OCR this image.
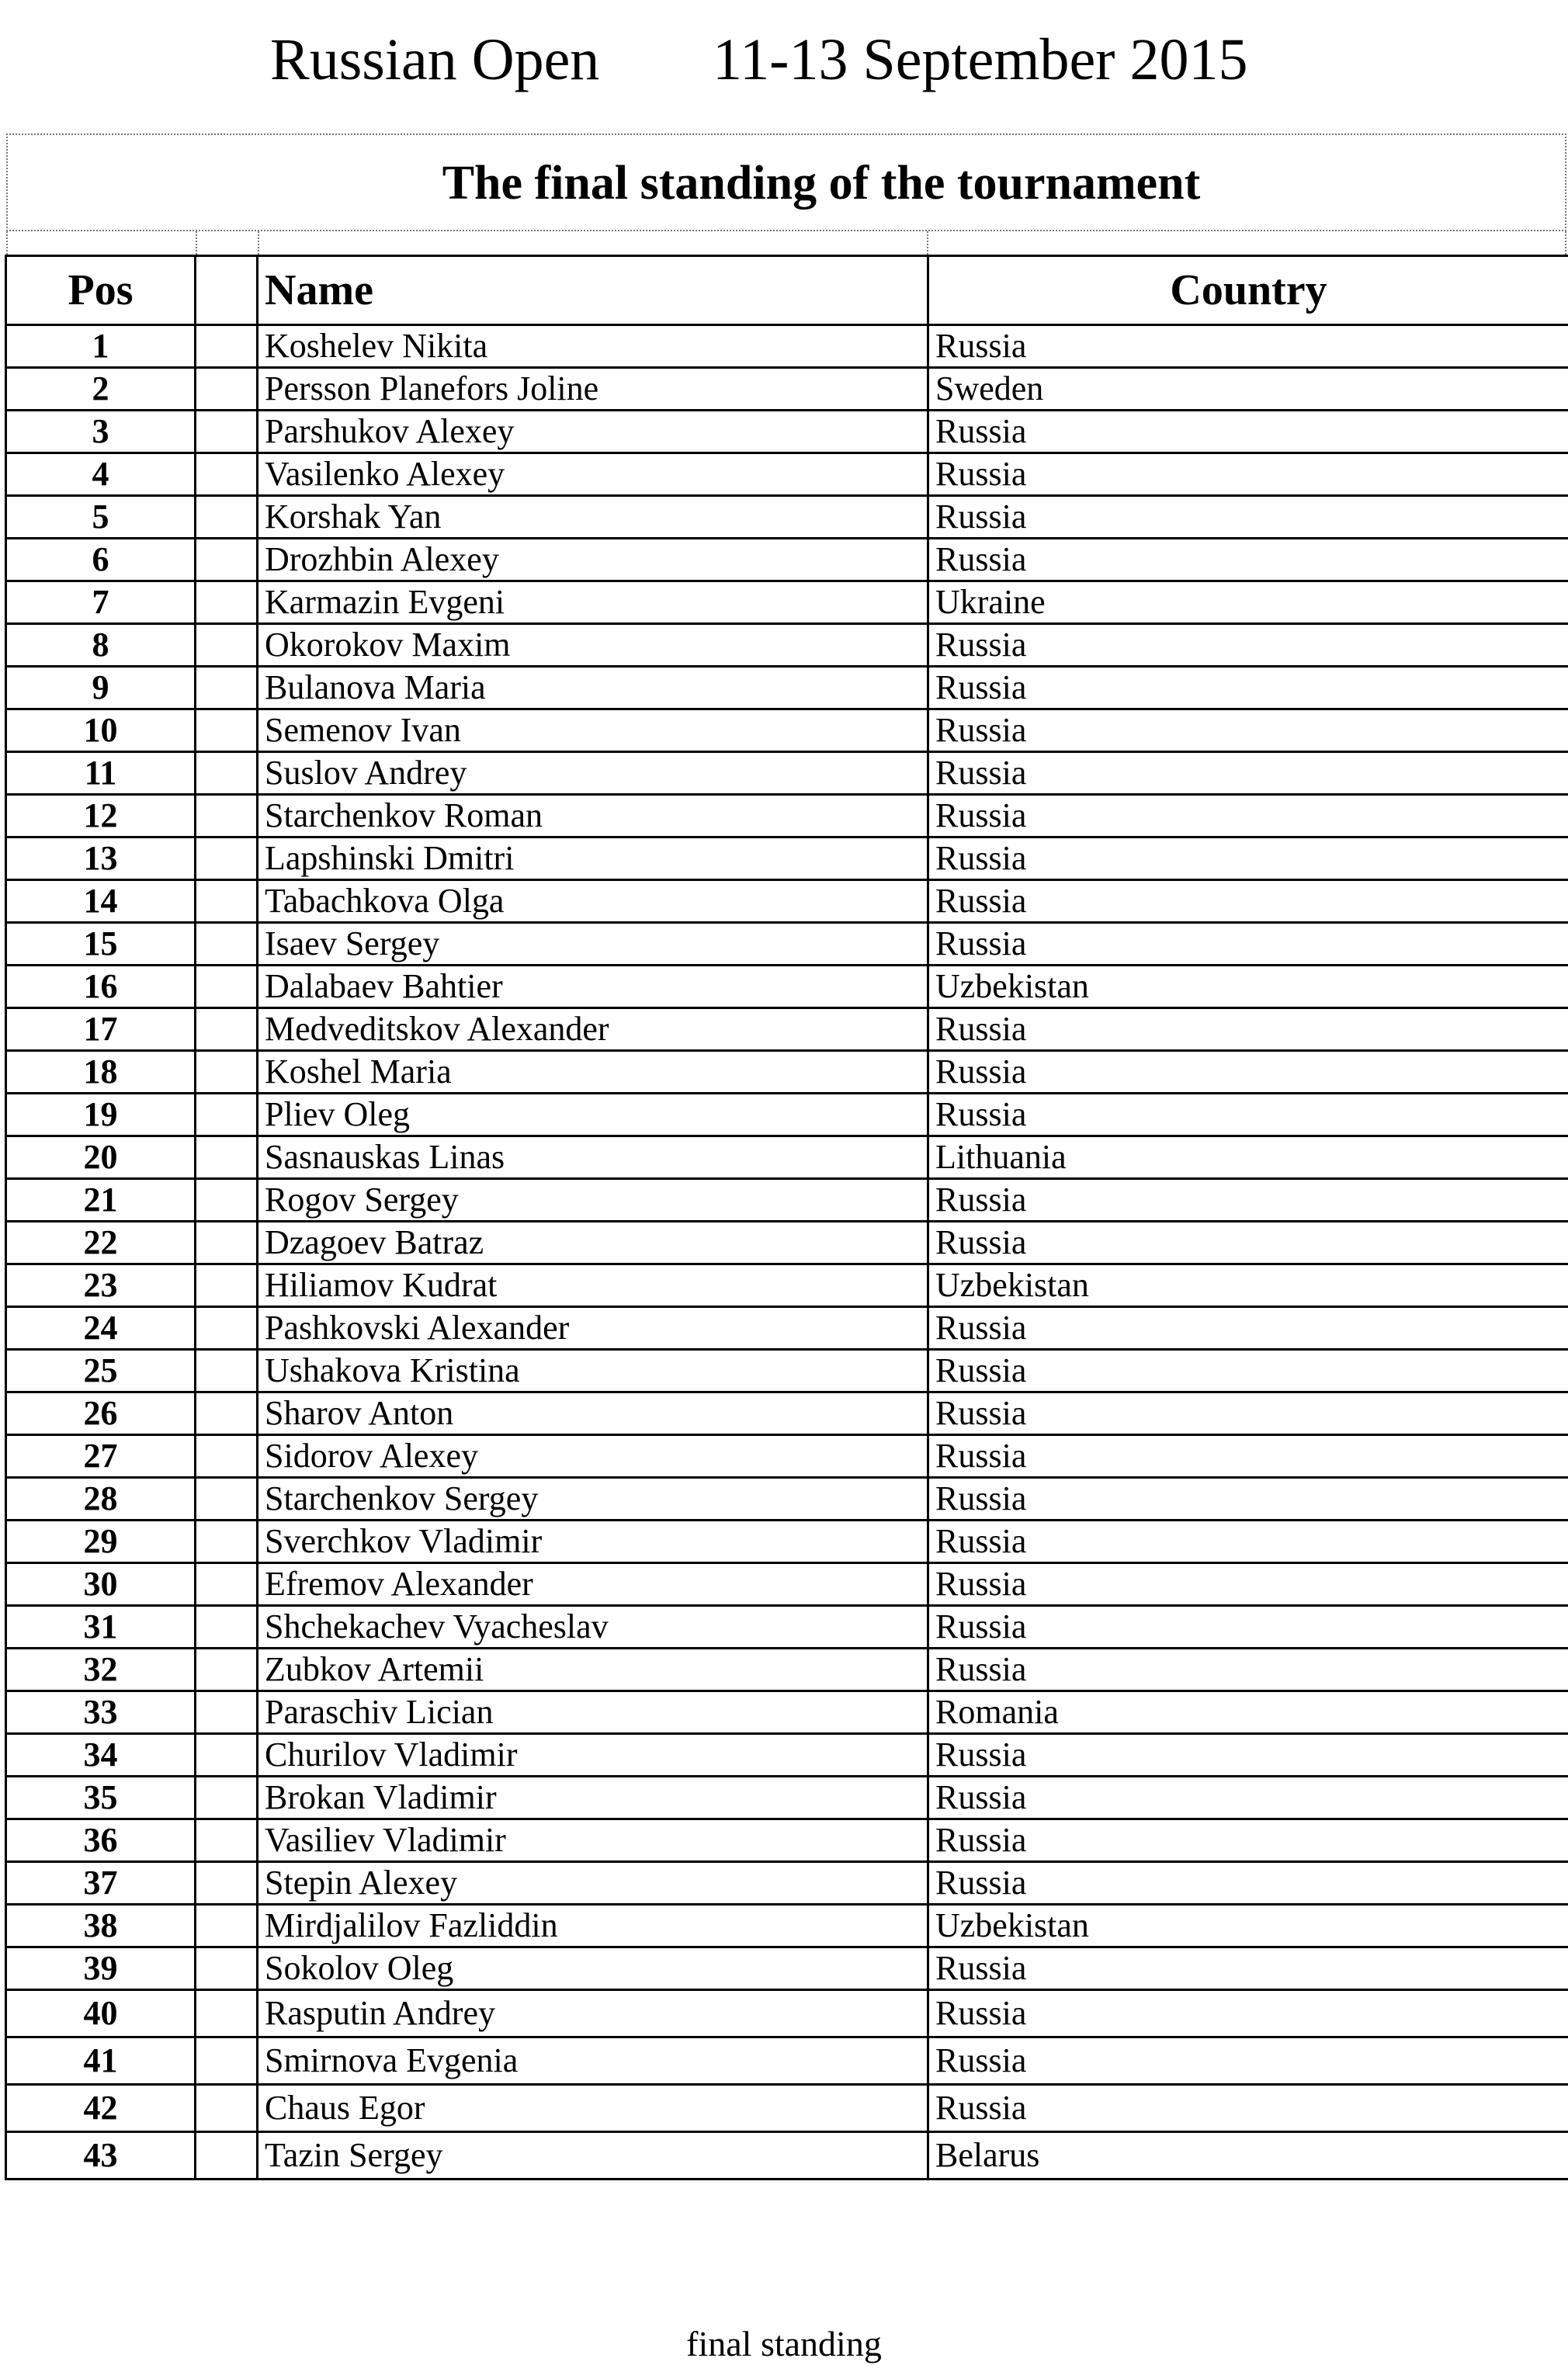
Russian Open 11-13 September 2015
The final standing of the tournament
Pos		Name	Country
1		Koshelev Nikita	Russia
2		Persson Planefors Joline	Sweden
3		Parshukov Alexey	Russia
4		Vasilenko Alexey	Russia
5		Korshak Yan	Russia
6		Drozhbin Alexey	Russia
7		Karmazin Evgeni	Ukraine
8		Okorokov Maxim	Russia
9		Bulanova Maria	Russia
10		Semenov Ivan	Russia
11		Suslov Andrey	Russia
12		Starchenkov Roman	Russia
13		Lapshinski Dmitri	Russia
14		Tabachkova Olga	Russia
15		Isaev Sergey	Russia
16		Dalabaev Bahtier	Uzbekistan
17		Medveditskov Alexander	Russia
18		Koshel Maria	Russia
19		Pliev Oleg	Russia
20		Sasnauskas Linas	Lithuania
21		Rogov Sergey	Russia
22		Dzagoev Batraz	Russia
23		Hiliamov Kudrat	Uzbekistan
24		Pashkovski Alexander	Russia
25		Ushakova Kristina	Russia
26		Sharov Anton	Russia
27		Sidorov Alexey	Russia
28		Starchenkov Sergey	Russia
29		Sverchkov Vladimir	Russia
30		Efremov Alexander	Russia
31		Shchekachev Vyacheslav	Russia
32		Zubkov Artemii	Russia
33		Paraschiv Lician	Romania
34		Churilov Vladimir	Russia
35		Brokan Vladimir	Russia
36		Vasiliev Vladimir	Russia
37		Stepin Alexey	Russia
38		Mirdjalilov Fazliddin	Uzbekistan
39		Sokolov Oleg	Russia
40		Rasputin Andrey	Russia
41		Smirnova Evgenia	Russia
42		Chaus Egor	Russia
43		Tazin Sergey	Belarus
final standing
